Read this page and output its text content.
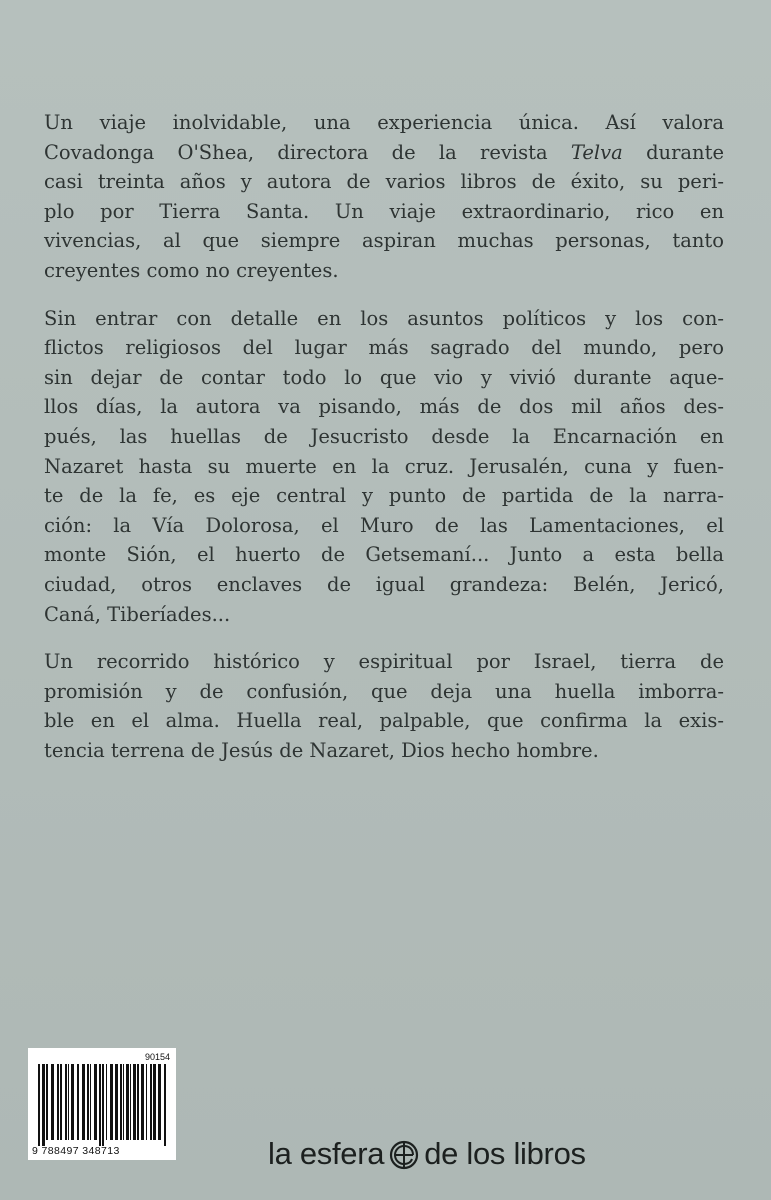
Un viaje inolvidable, una experiencia única. Así valora
Covadonga O'Shea, directora de la revista Telva durante
casi treinta años y autora de varios libros de éxito, su peri-
plo por Tierra Santa. Un viaje extraordinario, rico en
vivencias, al que siempre aspiran muchas personas, tanto
creyentes como no creyentes.

Sin entrar con detalle en los asuntos políticos y los con-
flictos religiosos del lugar más sagrado del mundo, pero
sin dejar de contar todo lo que vio y vivió durante aque-
llos días, la autora va pisando, más de dos mil años des-
pués, las huellas de Jesucristo desde la Encarnación en
Nazaret hasta su muerte en la cruz. Jerusalén, cuna y fuen-
te de la fe, es eje central y punto de partida de la narra-
ción: la Vía Dolorosa, el Muro de las Lamentaciones, el
monte Sión, el huerto de Getsemaní... Junto a esta bella
ciudad, otros enclaves de igual grandeza: Belén, Jericó,
Caná, Tiberíades...

Un recorrido histórico y espiritual por Israel, tierra de
promisión y de confusión, que deja una huella imborra-
ble en el alma. Huella real, palpable, que confirma la exis-
tencia terrena de Jesús de Nazaret, Dios hecho hombre.

90154
9 788497 348713	la esfera de los libros
